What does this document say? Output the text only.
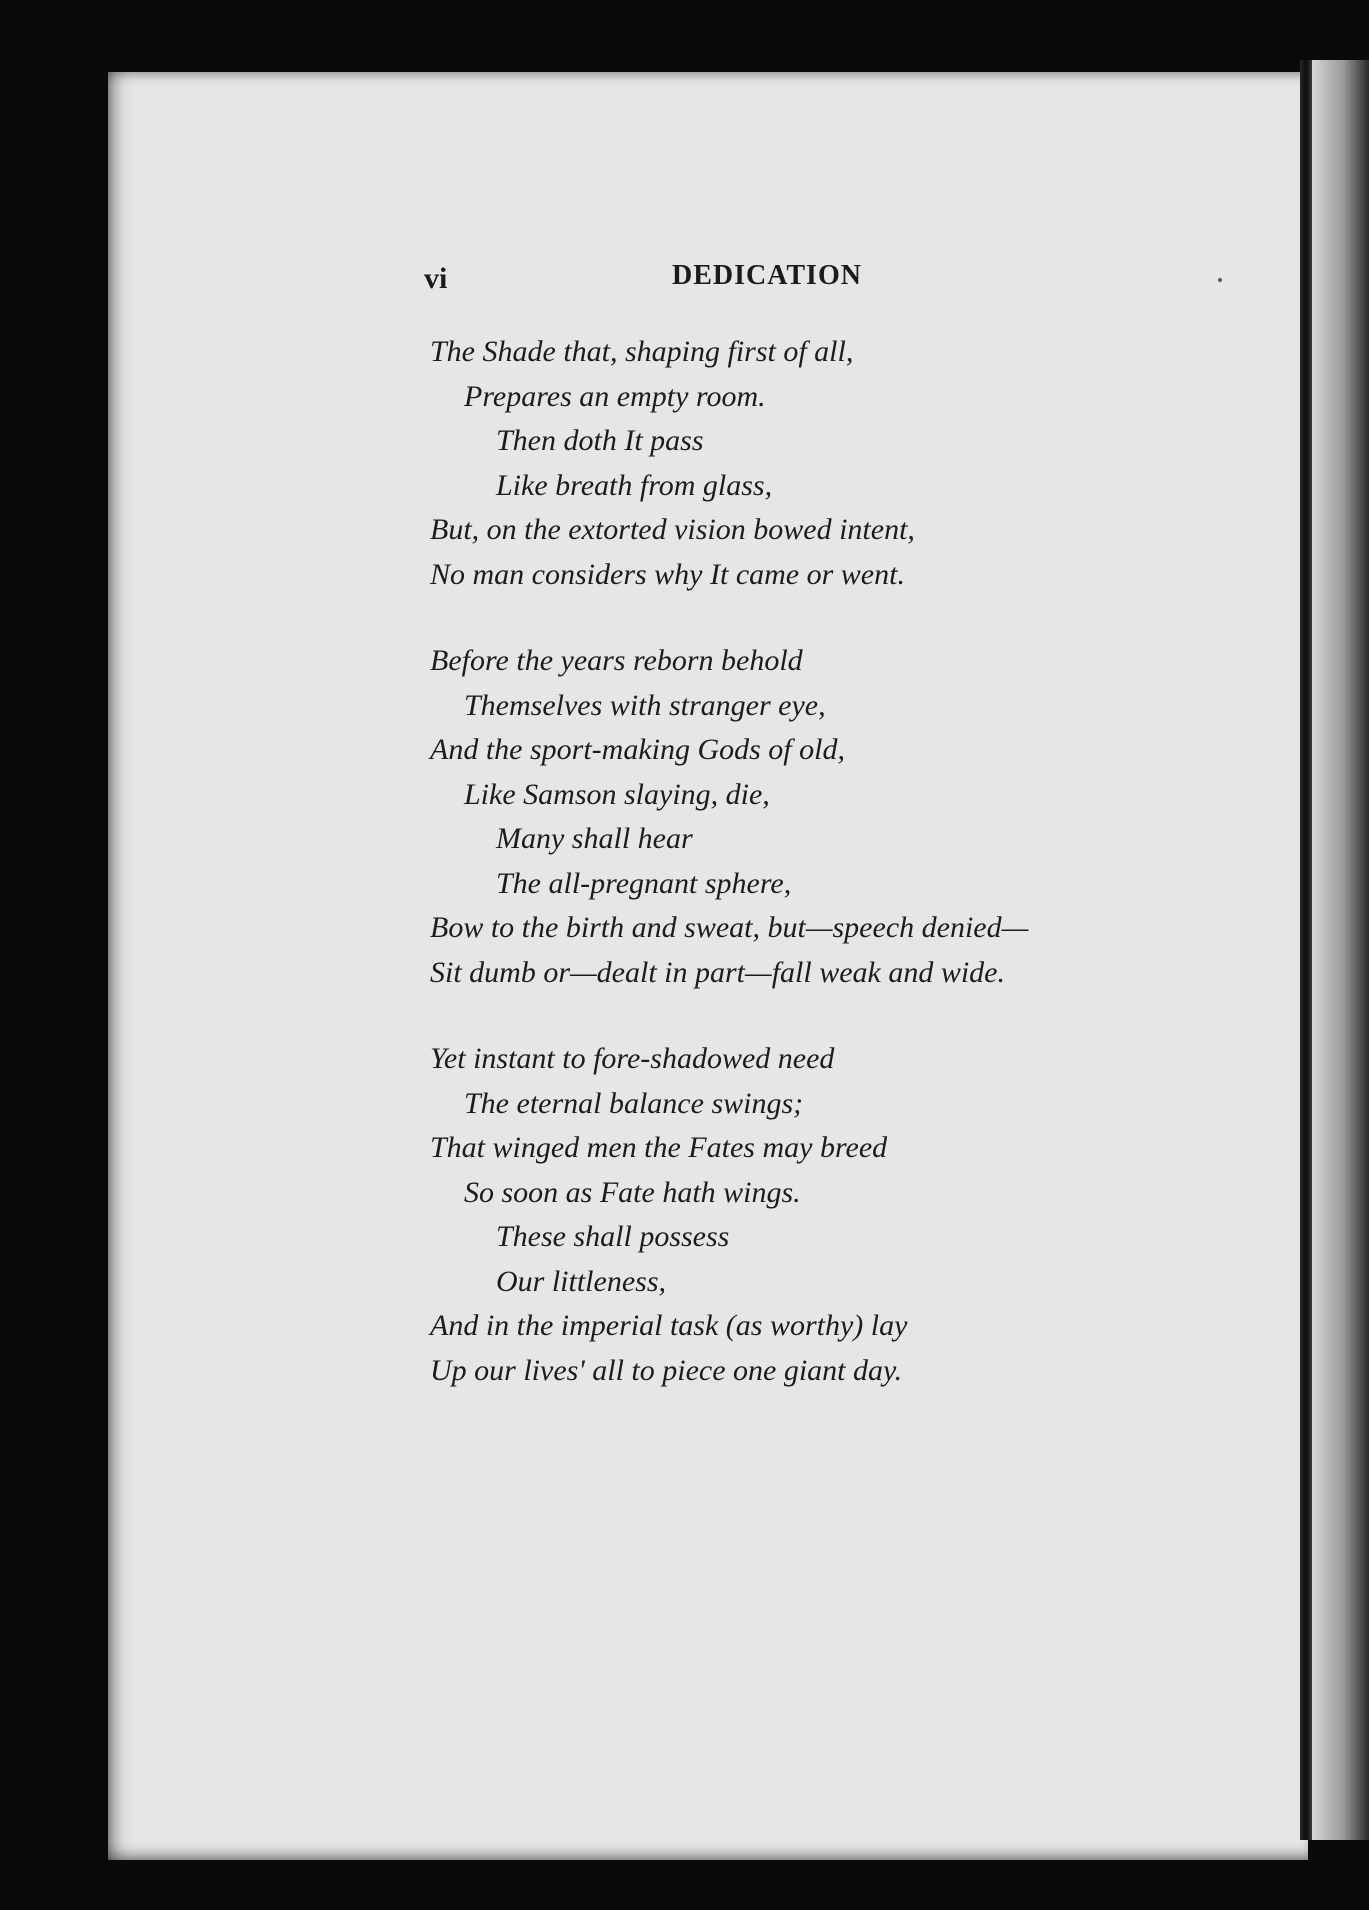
vi	DEDICATION

The Shade that, shaping first of all,
Prepares an empty room.
Then doth It pass
Like breath from glass,
But, on the extorted vision bowed intent,
No man considers why It came or went.
Before the years reborn behold
Themselves with stranger eye,
And the sport-making Gods of old,
Like Samson slaying, die,
Many shall hear
The all-pregnant sphere,
Bow to the birth and sweat, but—speech denied—
Sit dumb or—dealt in part—fall weak and wide.
Yet instant to fore-shadowed need
The eternal balance swings;
That winged men the Fates may breed
So soon as Fate hath wings.
These shall possess
Our littleness,
And in the imperial task (as worthy) lay
Up our lives' all to piece one giant day.
